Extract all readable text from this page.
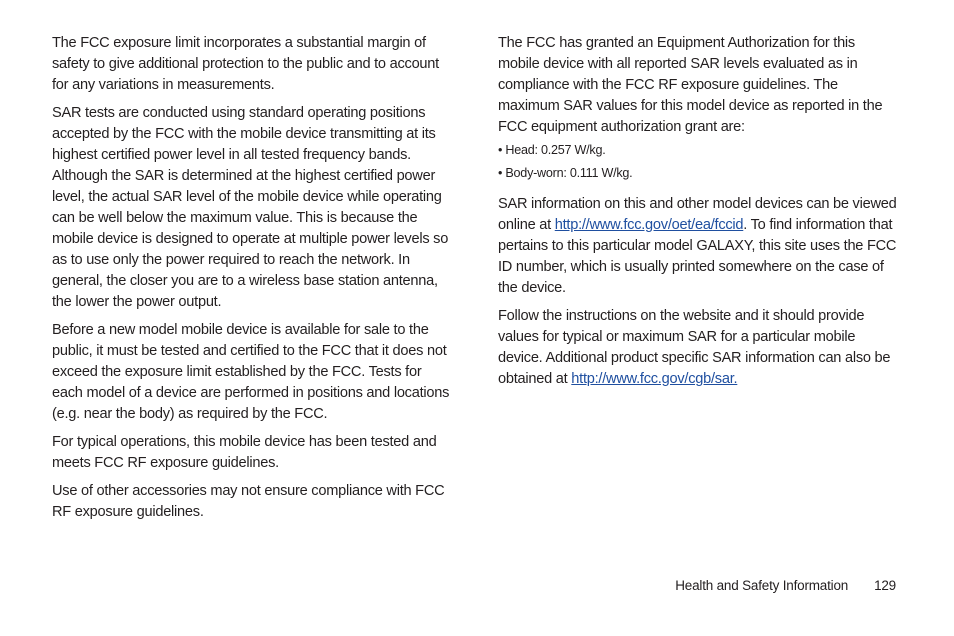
The FCC exposure limit incorporates a substantial margin of safety to give additional protection to the public and to account for any variations in measurements.

SAR tests are conducted using standard operating positions accepted by the FCC with the mobile device transmitting at its highest certified power level in all tested frequency bands. Although the SAR is determined at the highest certified power level, the actual SAR level of the mobile device while operating can be well below the maximum value. This is because the mobile device is designed to operate at multiple power levels so as to use only the power required to reach the network. In general, the closer you are to a wireless base station antenna, the lower the power output.

Before a new model mobile device is available for sale to the public, it must be tested and certified to the FCC that it does not exceed the exposure limit established by the FCC. Tests for each model of a device are performed in positions and locations (e.g. near the body) as required by the FCC.

For typical operations, this mobile device has been tested and meets FCC RF exposure guidelines.

Use of other accessories may not ensure compliance with FCC RF exposure guidelines.

The FCC has granted an Equipment Authorization for this mobile device with all reported SAR levels evaluated as in compliance with the FCC RF exposure guidelines. The maximum SAR values for this model device as reported in the FCC equipment authorization grant are:

• Head: 0.257 W/kg.

• Body-worn: 0.111 W/kg.

SAR information on this and other model devices can be viewed online at http://www.fcc.gov/oet/ea/fccid. To find information that pertains to this particular model GALAXY, this site uses the FCC ID number, which is usually printed somewhere on the case of the device.

Follow the instructions on the website and it should provide values for typical or maximum SAR for a particular mobile device. Additional product specific SAR information can also be obtained at http://www.fcc.gov/cgb/sar.

Health and Safety Information 129
